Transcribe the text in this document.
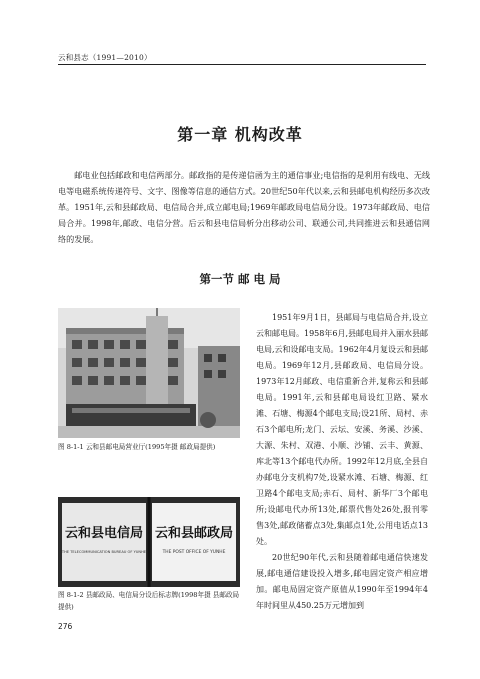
云和县志（1991—2010）
第一章 机构改革

邮电业包括邮政和电信两部分。邮政指的是传递信函为主的通信事业;电信指的是利用有线电、无线电等电磁系统传递符号、文字、图像等信息的通信方式。20世纪50年代以来,云和县邮电机构经历多次改革。1951年,云和县邮政局、电信局合并,成立邮电局;1969年邮政局电信局分设。1973年邮政局、电信局合并。1998年,邮政、电信分营。后云和县电信局析分出移动公司、联通公司,共同推进云和县通信网络的发展。

第一节 邮 电 局
图 8-1-1 云和县邮电局营业厅(1995年摄 邮政局提供)
云和县电信局
THE TELECOMMUNICATION BUREAU OF YUNHE
云和县邮政局
THE POST OFFICE OF YUNHE
图 8-1-2 县邮政局、电信局分设后标志牌(1998年摄 县邮政局提供)

1951年9月1日，县邮局与电信局合并,设立云和邮电局。1958年6月,县邮电局并入丽水县邮电局,云和设邮电支局。1962年4月复设云和县邮电局。1969年12月,县邮政局、电信局分设。1973年12月邮政、电信重新合并,复称云和县邮电局。1991年,云和县邮电局设红卫路、紧水滩、石塘、梅源4个邮电支局;设21所、局村、赤石3个邮电所;龙门、云坛、安溪、务溪、沙溪、大源、朱村、双港、小顺、沙铺、云丰、黄源、库北等13个邮电代办所。1992年12月底,全县自办邮电分支机构7处,设紧水滩、石塘、梅源、红卫路4个邮电支局;赤石、局村、新华厂3个邮电所;设邮电代办所13处,邮票代售处26处,报刊零售3处,邮政储蓄点3处,集邮点1处,公用电话点13处。

20世纪90年代,云和县随着邮电通信快速发展,邮电通信建设投入增多,邮电固定资产相应增加。邮电局固定资产原值从1990年至1994年4年时间里从450.25万元增加到

276
